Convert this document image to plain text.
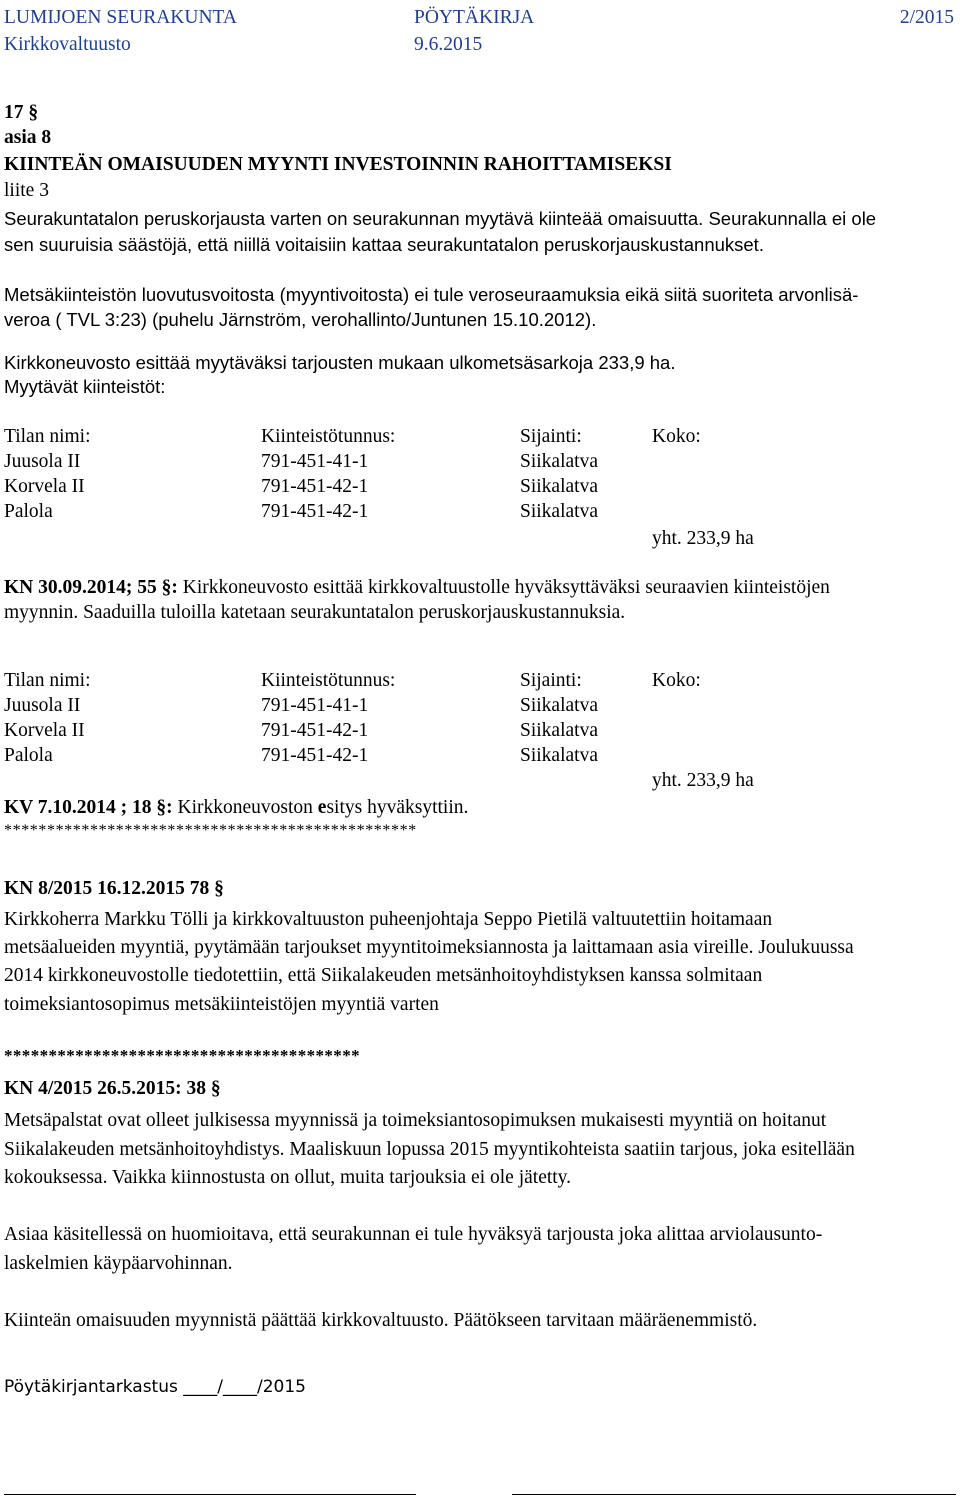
LUMIJOEN SEURAKUNTA	PÖYTÄKIRJA	2/2015
Kirkkovaltuusto	9.6.2015
17 §
asia 8
KIINTEÄN OMAISUUDEN MYYNTI INVESTOINNIN RAHOITTAMISEKSI
liite 3
Seurakuntatalon peruskorjausta varten on seurakunnan myytävä kiinteää omaisuutta. Seurakunnalla ei ole
sen suuruisia säästöjä, että niillä voitaisiin kattaa seurakuntatalon peruskorjauskustannukset.
Metsäkiinteistön luovutusvoitosta (myyntivoitosta) ei tule veroseuraamuksia eikä siitä suoriteta arvonlisä-
veroa ( TVL 3:23) (puhelu Järnström, verohallinto/Juntunen 15.10.2012).
Kirkkoneuvosto esittää myytäväksi tarjousten mukaan ulkometsäsarkoja 233,9 ha.
Myytävät kiinteistöt:
Tilan nimi:	Kiinteistötunnus:	Sijainti:	Koko:
Juusola II	791-451-41-1	Siikalatva
Korvela II	791-451-42-1	Siikalatva
Palola	791-451-42-1	Siikalatva
yht. 233,9 ha
KN 30.09.2014; 55 §: Kirkkoneuvosto esittää kirkkovaltuustolle hyväksyttäväksi seuraavien kiinteistöjen
myynnin. Saaduilla tuloilla katetaan seurakuntatalon peruskorjauskustannuksia.
Tilan nimi:	Kiinteistötunnus:	Sijainti:	Koko:
Juusola II	791-451-41-1	Siikalatva
Korvela II	791-451-42-1	Siikalatva
Palola	791-451-42-1	Siikalatva
yht. 233,9 ha
KV 7.10.2014 ; 18 §: Kirkkoneuvoston esitys hyväksyttiin.
************************************************
KN 8/2015 16.12.2015 78 §
Kirkkoherra Markku Tölli ja kirkkovaltuuston puheenjohtaja Seppo Pietilä valtuutettiin hoitamaan
metsäalueiden myyntiä, pyytämään tarjoukset myyntitoimeksiannosta ja laittamaan asia vireille. Joulukuussa
2014 kirkkoneuvostolle tiedotettiin, että Siikalakeuden metsänhoitoyhdistyksen kanssa solmitaan
toimeksiantosopimus metsäkiinteistöjen myyntiä varten
****************************************
KN 4/2015 26.5.2015: 38 §
Metsäpalstat ovat olleet julkisessa myynnissä ja toimeksiantosopimuksen mukaisesti myyntiä on hoitanut
Siikalakeuden metsänhoitoyhdistys. Maaliskuun lopussa 2015 myyntikohteista saatiin tarjous, joka esitellään
kokouksessa. Vaikka kiinnostusta on ollut, muita tarjouksia ei ole jätetty.
Asiaa käsitellessä on huomioitava, että seurakunnan ei tule hyväksyä tarjousta joka alittaa arviolausunto-
laskelmien käypäarvohinnan.
Kiinteän omaisuuden myynnistä päättää kirkkovaltuusto. Päätökseen tarvitaan määräenemmistö.
Pöytäkirjantarkastus ____/____/2015
